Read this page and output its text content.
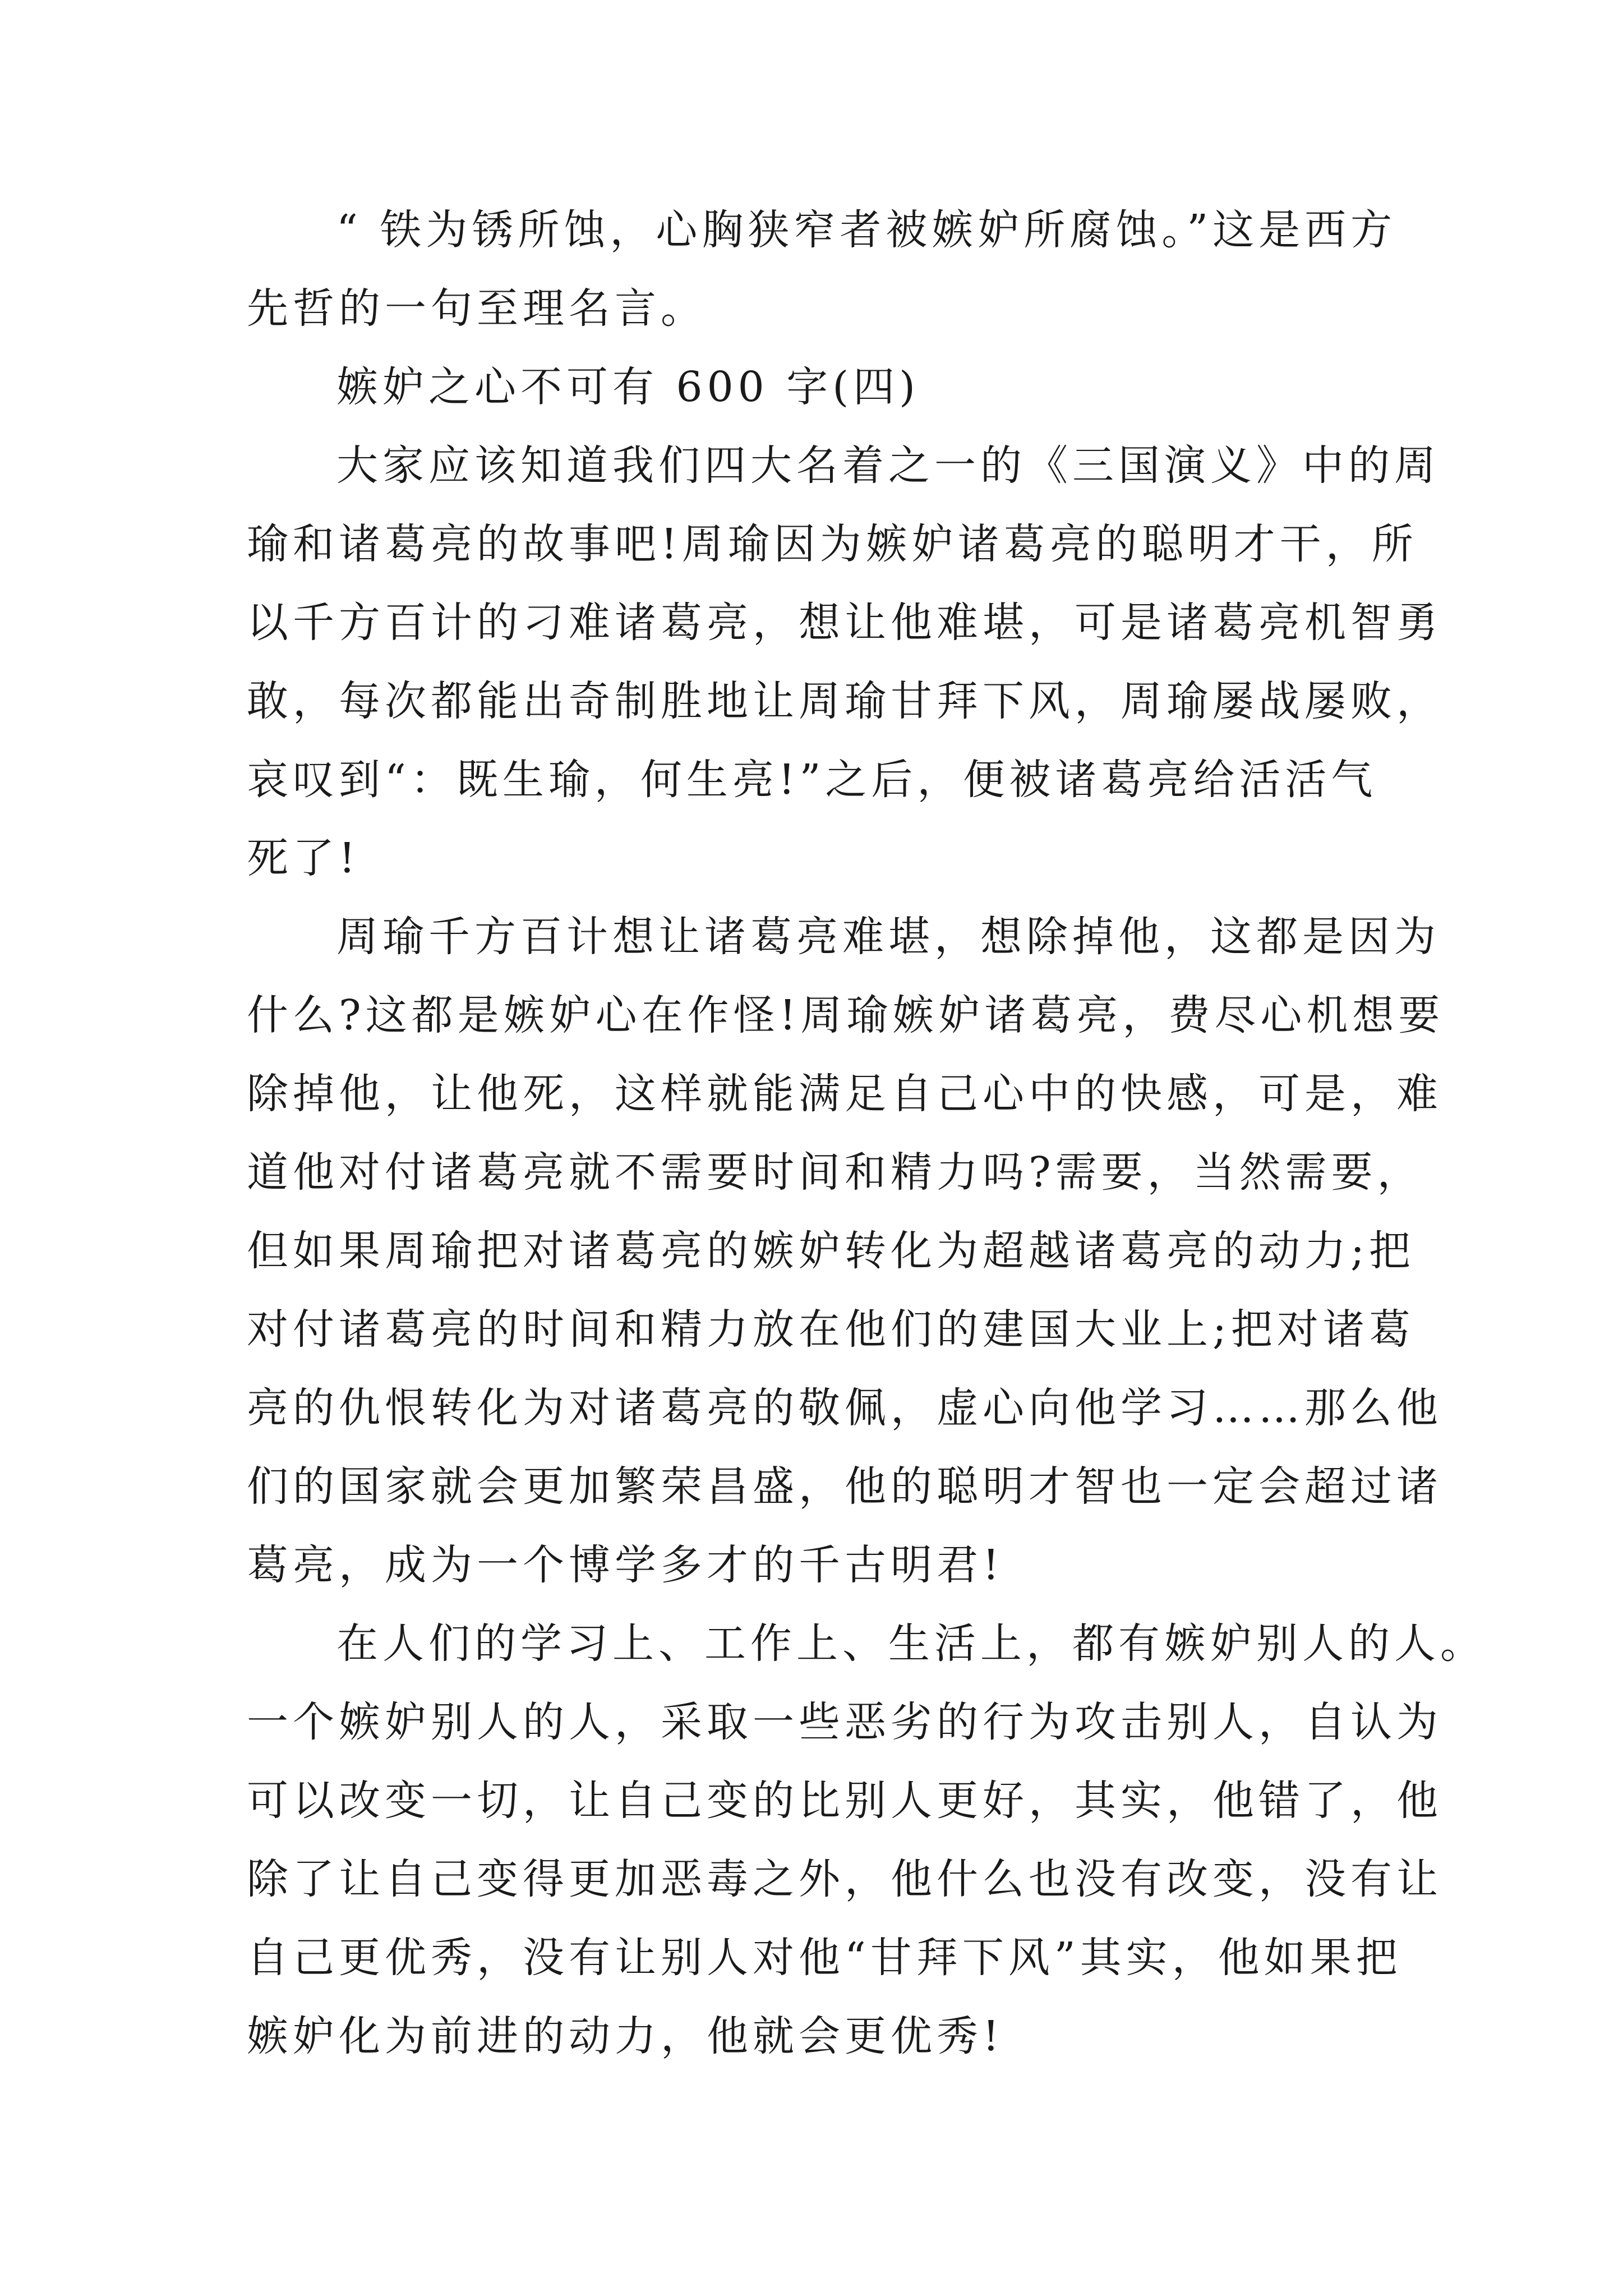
“ 铁为锈所蚀，心胸狭窄者被嫉妒所腐蚀。”这是西方
先哲的一句至理名言。
嫉妒之心不可有 600 字(四)
大家应该知道我们四大名着之一的《三国演义》中的周
瑜和诸葛亮的故事吧!周瑜因为嫉妒诸葛亮的聪明才干，所
以千方百计的刁难诸葛亮，想让他难堪，可是诸葛亮机智勇
敢，每次都能出奇制胜地让周瑜甘拜下风，周瑜屡战屡败，
哀叹到“：既生瑜，何生亮!”之后，便被诸葛亮给活活气
死了!
周瑜千方百计想让诸葛亮难堪，想除掉他，这都是因为
什么?这都是嫉妒心在作怪!周瑜嫉妒诸葛亮，费尽心机想要
除掉他，让他死，这样就能满足自己心中的快感，可是，难
道他对付诸葛亮就不需要时间和精力吗?需要，当然需要，
但如果周瑜把对诸葛亮的嫉妒转化为超越诸葛亮的动力;把
对付诸葛亮的时间和精力放在他们的建国大业上;把对诸葛
亮的仇恨转化为对诸葛亮的敬佩，虚心向他学习……那么他
们的国家就会更加繁荣昌盛，他的聪明才智也一定会超过诸
葛亮，成为一个博学多才的千古明君!
在人们的学习上、工作上、生活上，都有嫉妒别人的人。
一个嫉妒别人的人，采取一些恶劣的行为攻击别人，自认为
可以改变一切，让自己变的比别人更好，其实，他错了，他
除了让自己变得更加恶毒之外，他什么也没有改变，没有让
自己更优秀，没有让别人对他“甘拜下风”其实，他如果把
嫉妒化为前进的动力，他就会更优秀!
